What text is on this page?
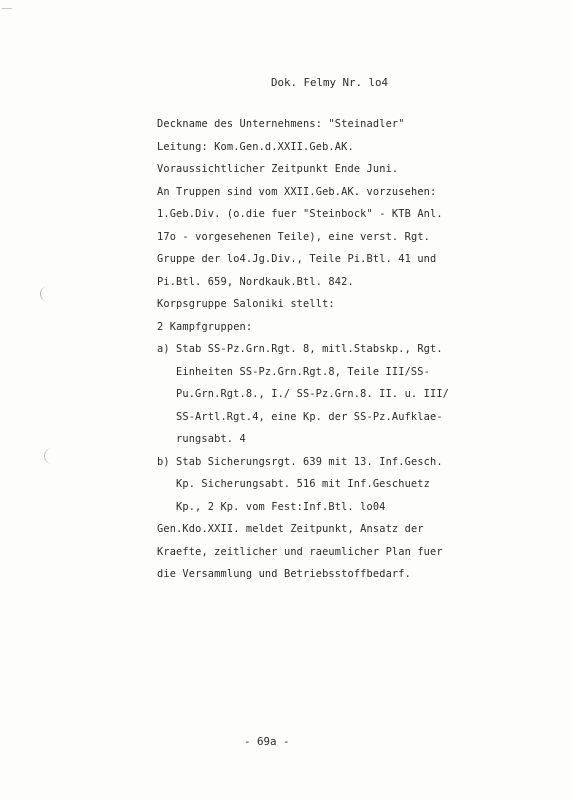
Dok. Felmy Nr. lo4
Deckname des Unternehmens: "Steinadler"
Leitung: Kom.Gen.d.XXII.Geb.AK.
Voraussichtlicher Zeitpunkt Ende Juni.
An Truppen sind vom XXII.Geb.AK. vorzusehen:
1.Geb.Div. (o.die fuer "Steinbock" - KTB Anl.
17o - vorgesehenen Teile), eine verst. Rgt.
Gruppe der lo4.Jg.Div., Teile Pi.Btl. 41 und
Pi.Btl. 659, Nordkauk.Btl. 842.
Korpsgruppe Saloniki stellt:
2 Kampfgruppen:
a) Stab SS-Pz.Grn.Rgt. 8, mitl.Stabskp., Rgt.
Einheiten SS-Pz.Grn.Rgt.8, Teile III/SS-
Pu.Grn.Rgt.8., I./ SS-Pz.Grn.8. II. u. III/
SS-Artl.Rgt.4, eine Kp. der SS-Pz.Aufklae-
rungsabt. 4
b) Stab Sicherungsrgt. 639 mit 13. Inf.Gesch.
Kp. Sicherungsabt. 516 mit Inf.Geschuetz
Kp., 2 Kp. vom Fest:Inf.Btl. lo04
Gen.Kdo.XXII. meldet Zeitpunkt, Ansatz der
Kraefte, zeitlicher und raeumlicher Plan fuer
die Versammlung und Betriebsstoffbedarf.
- 69a -
